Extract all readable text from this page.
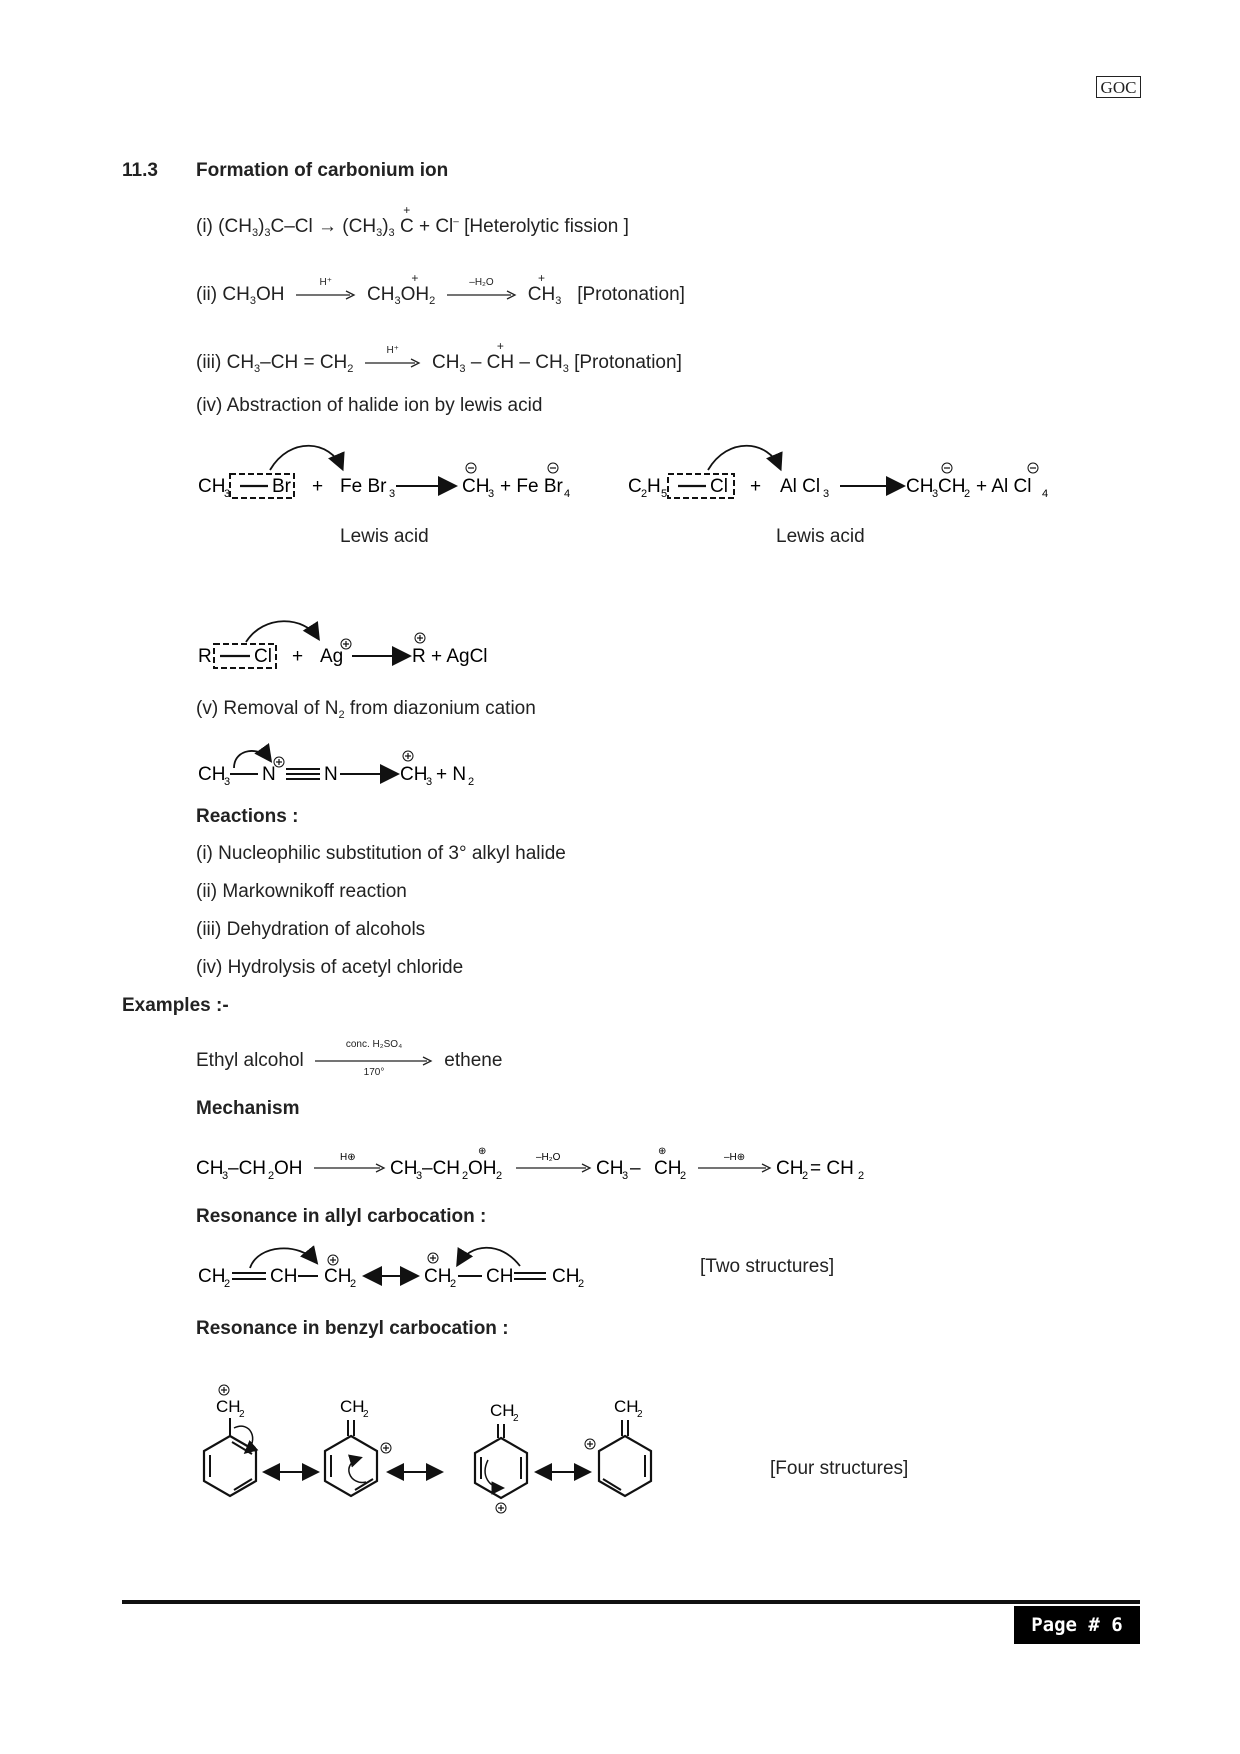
GOC
11.3 Formation of carbonium ion
(i) $(CH_3)_3C-Cl \to (CH_3)_3$
+
C + Cl– [Heterolytic fission ]
(ii) $CH_3OH$
H⁺
$CH_3$
+
$OH_2$
–H₂O
	+
$CH_3$ [Protonation]
(iii) $CH_3-CH = CH_2$
H⁺
$CH_3$ –
+
CH – $CH_3$ [Protonation]
(iv) Abstraction of halide ion by lewis acid
CH
3 Br + Fe Br 3	CH
3 + Fe Br 4	C 2 H 5 Cl + Al Cl 3	CH
3 CH
2 + Al Cl 4
Lewis acid	Lewis acid
R Cl + Ag	R + AgCl
(v) Removal of $N_2$ from diazonium cation
CH
3 N	N	CH
3 + N 2
Reactions :
(i) Nucleophilic substitution of 3° alkyl halide
(ii) Markownikoff reaction
(iii) Dehydration of alcohols
(iv) Hydrolysis of acetyl chloride
Examples :-
Ethyl alcohol
conc. H₂SO₄
170°
ethene
Mechanism
CH
3 –CH 2 OH
H⊕
CH
3 –CH 2 OH 2
⊕
–H₂O
CH
3 – CH
2
⊕
–H⊕
CH
2 = CH 2
Resonance in allyl carbocation :
CH
2 CH CH
2	CH
2 CH CH
2
[Two structures]
Resonance in benzyl carbocation :
CH
2	CH
2	CH
2
CH
2
[Four structures]
Page # 6
